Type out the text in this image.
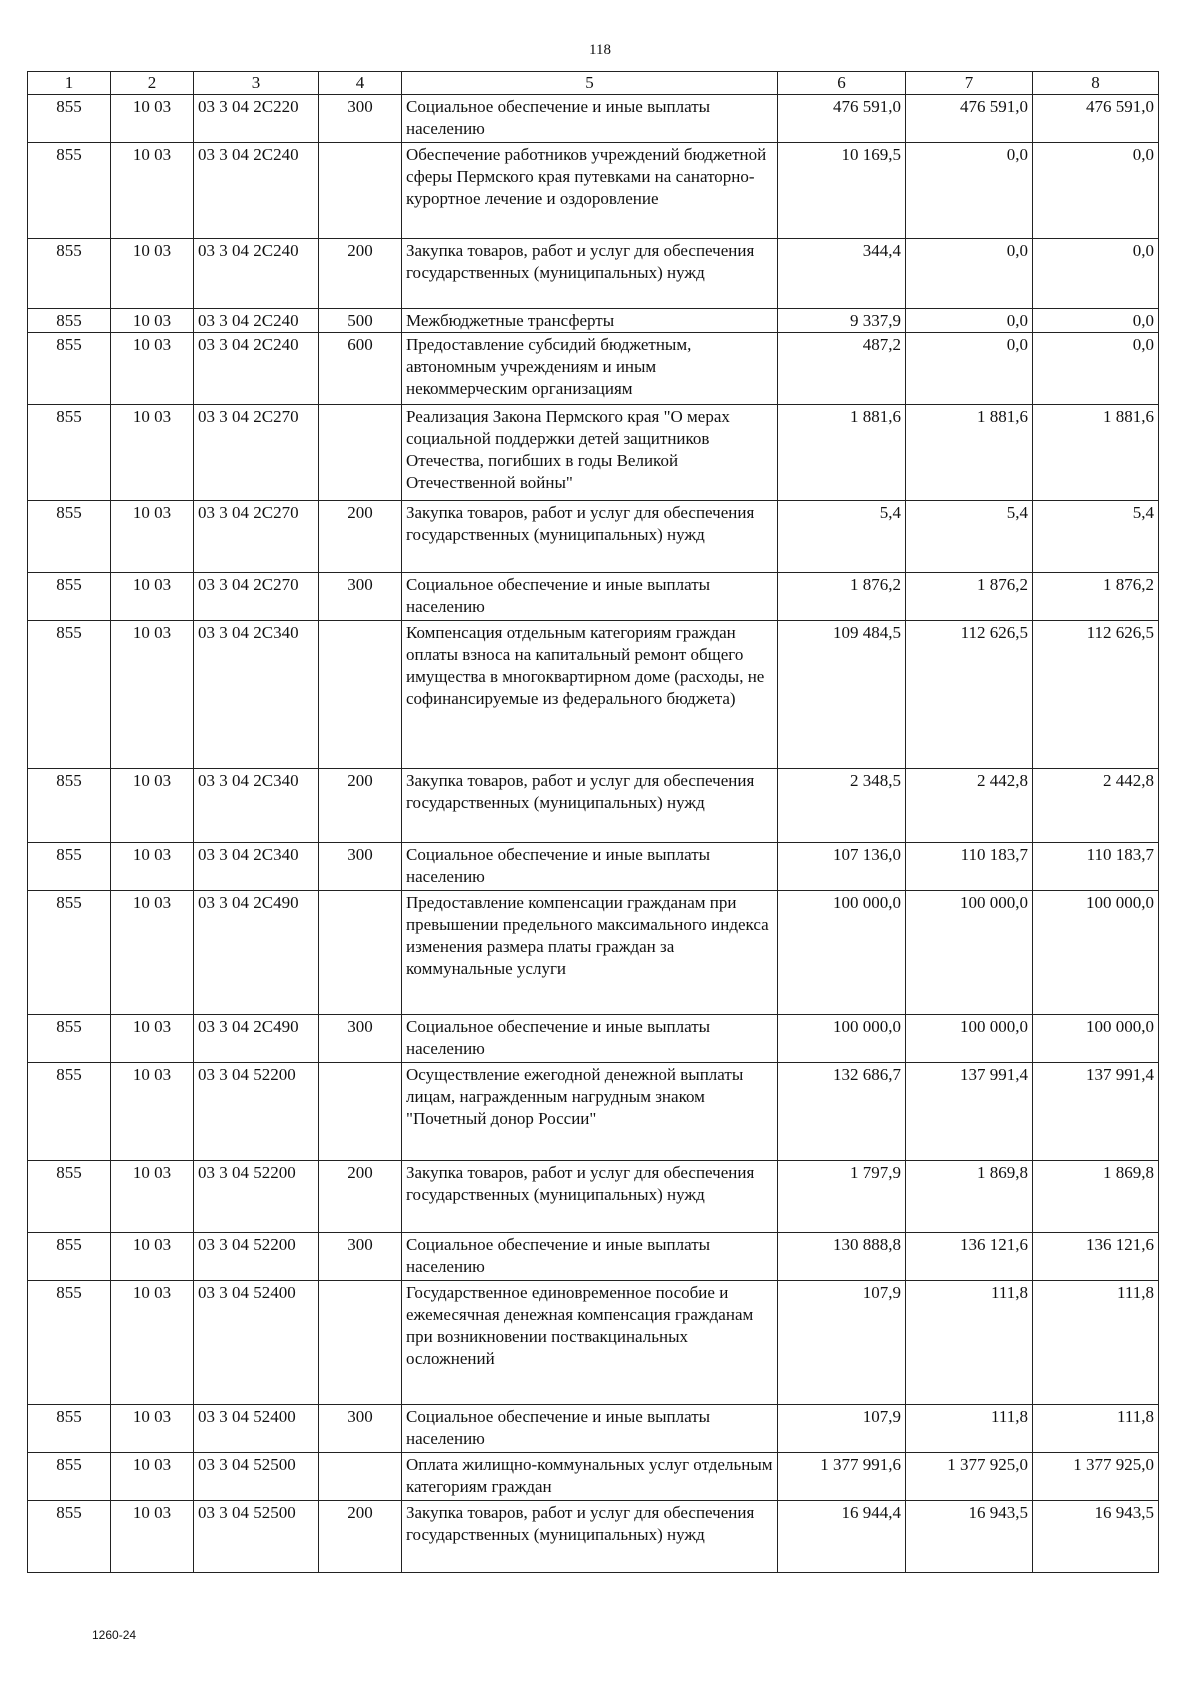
118
1	2	3	4	5	6	7	8
855	10 03	03 3 04 2С220	300	Социальное обеспечение и иные выплаты населению	476 591,0	476 591,0	476 591,0
855	10 03	03 3 04 2С240		Обеспечение работников учреждений бюджетной сферы Пермского края путевками на санаторно-курортное лечение и оздоровление	10 169,5	0,0	0,0
855	10 03	03 3 04 2С240	200	Закупка товаров, работ и услуг для обеспечения государственных (муниципальных) нужд	344,4	0,0	0,0
855	10 03	03 3 04 2С240	500	Межбюджетные трансферты	9 337,9	0,0	0,0
855	10 03	03 3 04 2С240	600	Предоставление субсидий бюджетным, автономным учреждениям и иным некоммерческим организациям	487,2	0,0	0,0
855	10 03	03 3 04 2С270		Реализация Закона Пермского края "О мерах социальной поддержки детей защитников Отечества, погибших в годы Великой Отечественной войны"	1 881,6	1 881,6	1 881,6
855	10 03	03 3 04 2С270	200	Закупка товаров, работ и услуг для обеспечения государственных (муниципальных) нужд	5,4	5,4	5,4
855	10 03	03 3 04 2С270	300	Социальное обеспечение и иные выплаты населению	1 876,2	1 876,2	1 876,2
855	10 03	03 3 04 2С340		Компенсация отдельным категориям граждан оплаты взноса на капитальный ремонт общего имущества в многоквартирном доме (расходы, не софинансируемые из федерального бюджета)	109 484,5	112 626,5	112 626,5
855	10 03	03 3 04 2С340	200	Закупка товаров, работ и услуг для обеспечения государственных (муниципальных) нужд	2 348,5	2 442,8	2 442,8
855	10 03	03 3 04 2С340	300	Социальное обеспечение и иные выплаты населению	107 136,0	110 183,7	110 183,7
855	10 03	03 3 04 2С490		Предоставление компенсации гражданам при превышении предельного максимального индекса изменения размера платы граждан за коммунальные услуги	100 000,0	100 000,0	100 000,0
855	10 03	03 3 04 2С490	300	Социальное обеспечение и иные выплаты населению	100 000,0	100 000,0	100 000,0
855	10 03	03 3 04 52200		Осуществление ежегодной денежной выплаты лицам, награжденным нагрудным знаком "Почетный донор России"	132 686,7	137 991,4	137 991,4
855	10 03	03 3 04 52200	200	Закупка товаров, работ и услуг для обеспечения государственных (муниципальных) нужд	1 797,9	1 869,8	1 869,8
855	10 03	03 3 04 52200	300	Социальное обеспечение и иные выплаты населению	130 888,8	136 121,6	136 121,6
855	10 03	03 3 04 52400		Государственное единовременное пособие и ежемесячная денежная компенсация гражданам при возникновении поствакцинальных осложнений	107,9	111,8	111,8
855	10 03	03 3 04 52400	300	Социальное обеспечение и иные выплаты населению	107,9	111,8	111,8
855	10 03	03 3 04 52500		Оплата жилищно-коммунальных услуг отдельным категориям граждан	1 377 991,6	1 377 925,0	1 377 925,0
855	10 03	03 3 04 52500	200	Закупка товаров, работ и услуг для обеспечения государственных (муниципальных) нужд	16 944,4	16 943,5	16 943,5
1260-24
